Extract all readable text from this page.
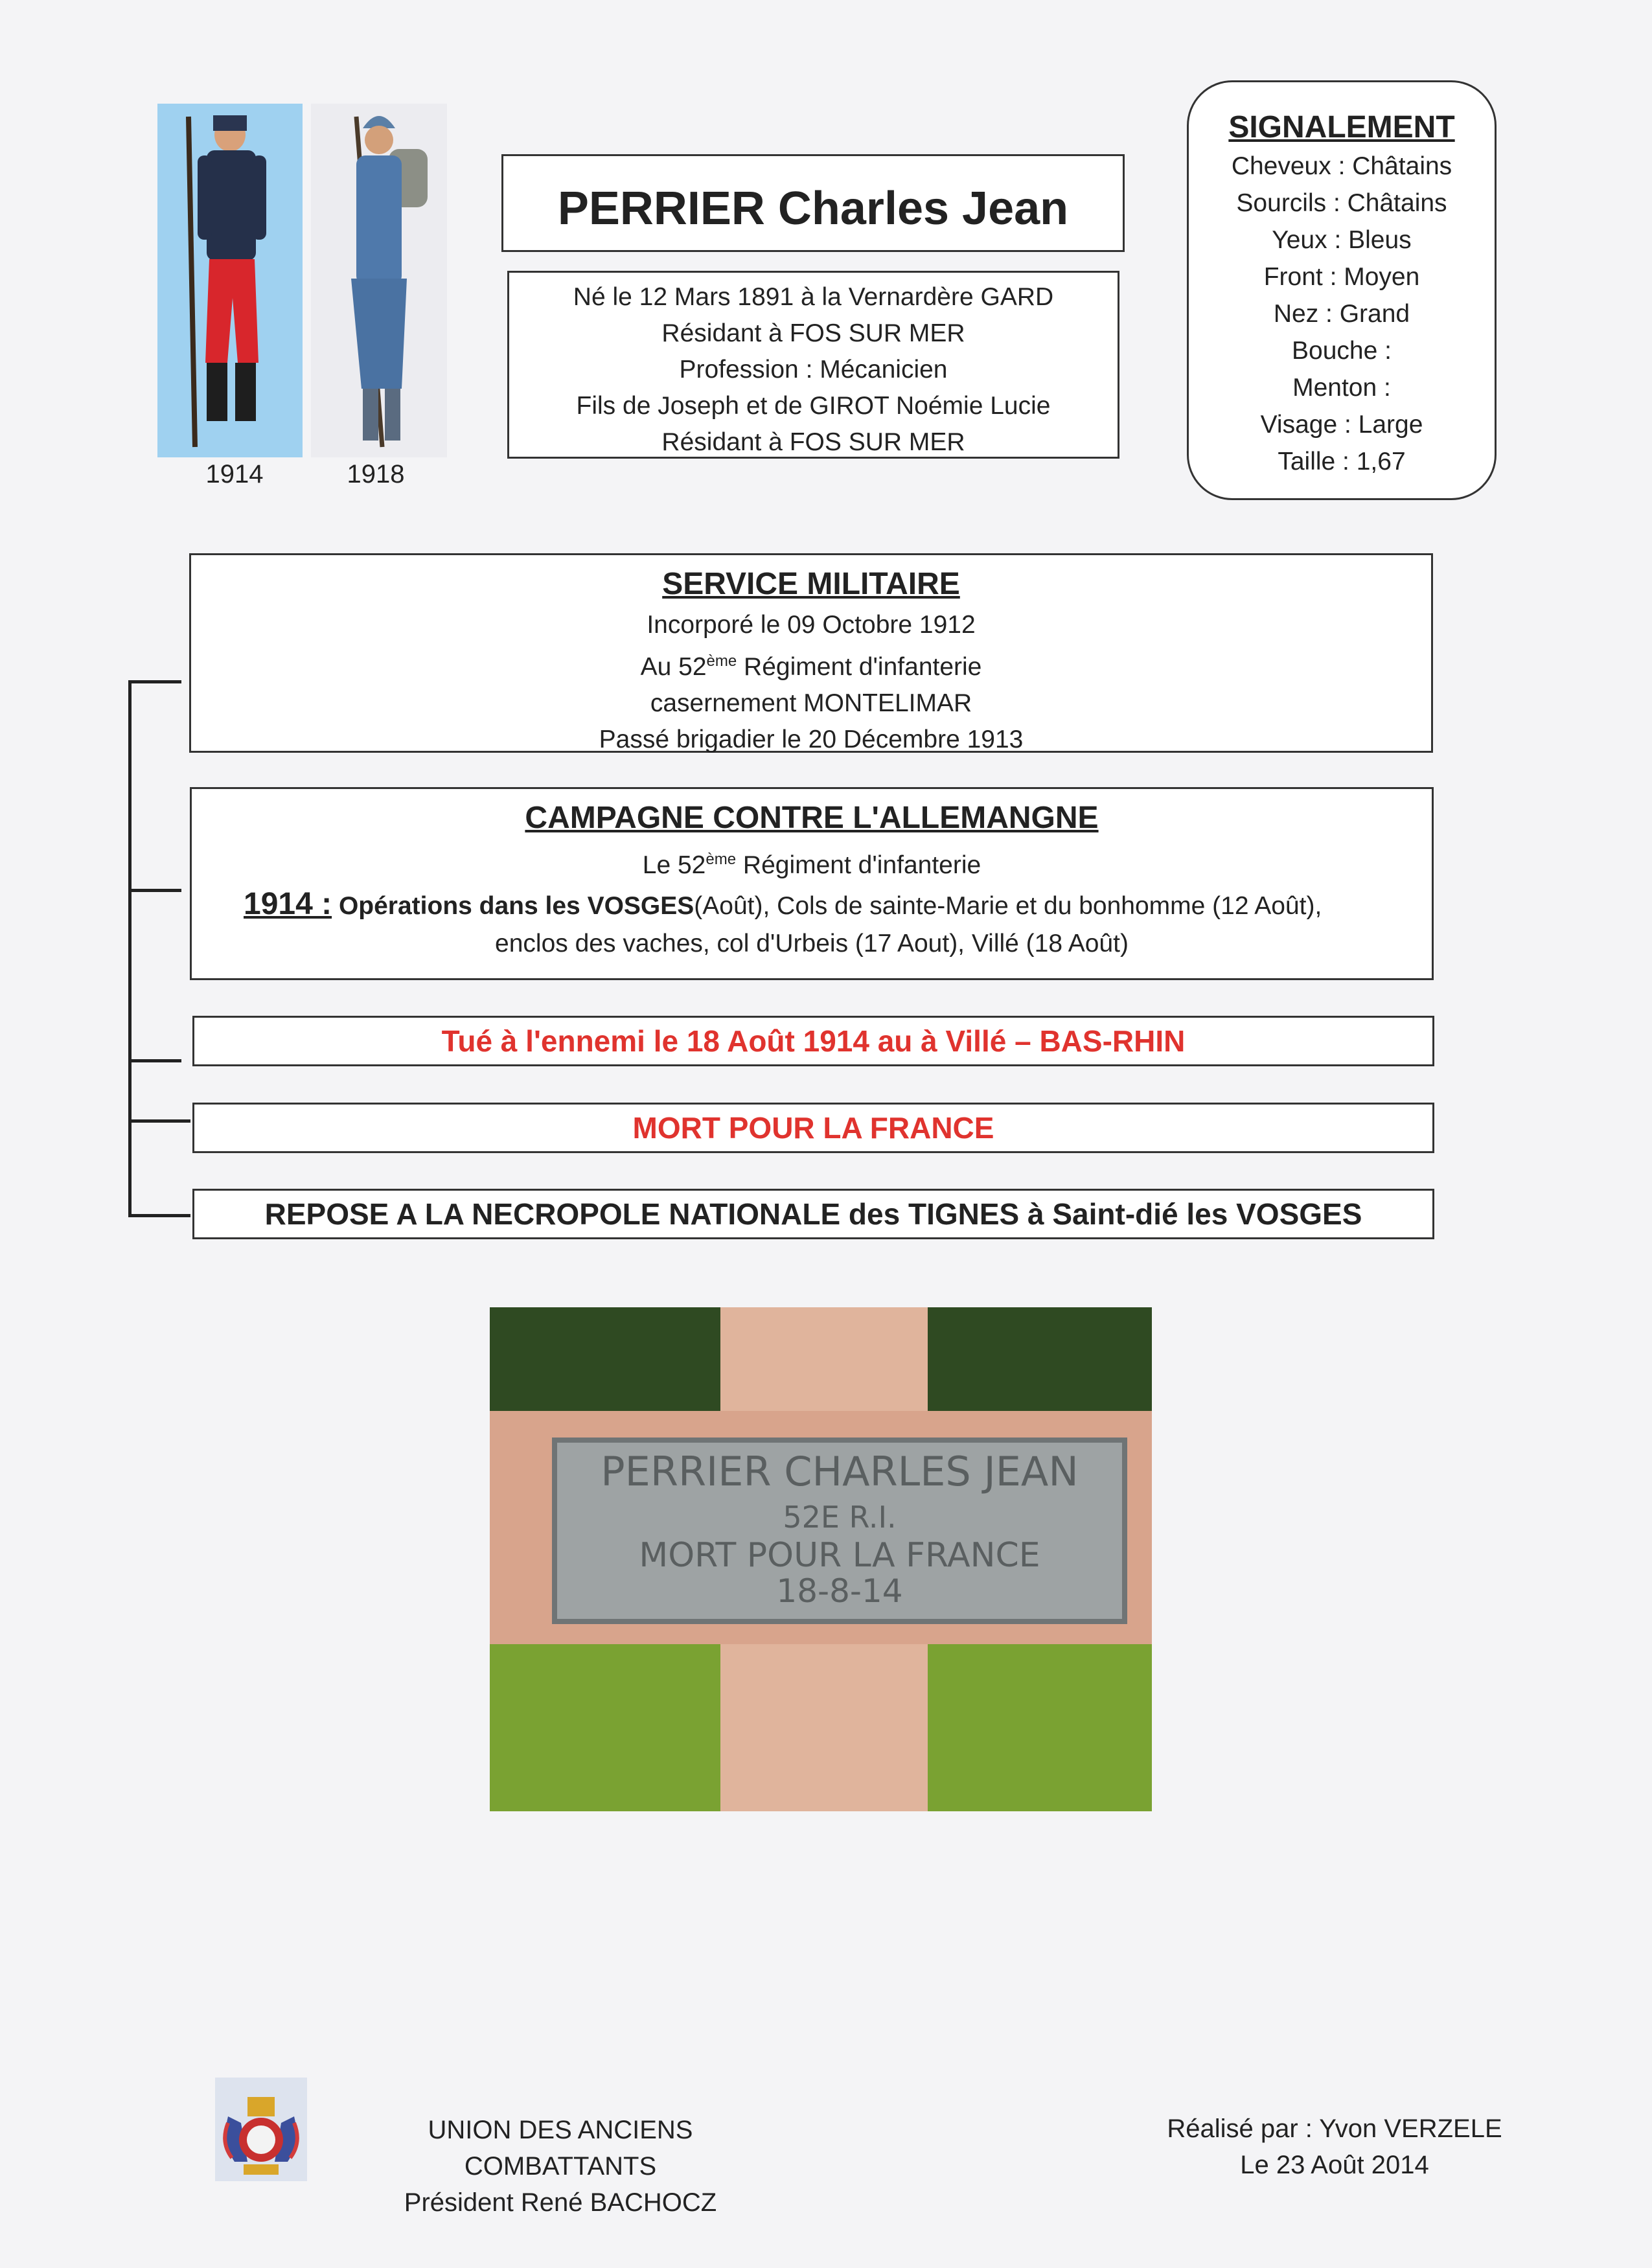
1914	1918
PERRIER Charles Jean
Né le 12 Mars 1891 à la Vernardère GARD
Résidant à FOS SUR MER
Profession : Mécanicien
Fils de Joseph et de GIROT Noémie Lucie
Résidant à FOS SUR MER
SIGNALEMENT
Cheveux : Châtains
Sourcils : Châtains
Yeux : Bleus
Front : Moyen
Nez : Grand
Bouche :
Menton :
Visage : Large
Taille : 1,67
SERVICE MILITAIRE
Incorporé le 09 Octobre 1912
Au 52ème Régiment d'infanterie
casernement MONTELIMAR
Passé brigadier le 20 Décembre 1913
CAMPAGNE CONTRE L'ALLEMANGNE
Le 52ème Régiment d'infanterie
1914 : Opérations dans les VOSGES(Août), Cols de sainte-Marie et du bonhomme (12 Août),
enclos des vaches, col d'Urbeis (17 Aout), Villé (18 Août)
Tué à l'ennemi le 18 Août 1914 au à Villé – BAS-RHIN
MORT POUR LA FRANCE
REPOSE A LA NECROPOLE NATIONALE des TIGNES à Saint-dié les VOSGES
PERRIER CHARLES JEAN
52E R.I.
MORT POUR LA FRANCE
18-8-14
UNION DES ANCIENS COMBATTANTS
Président René BACHOCZ
Réalisé par : Yvon VERZELE
Le 23 Août 2014
